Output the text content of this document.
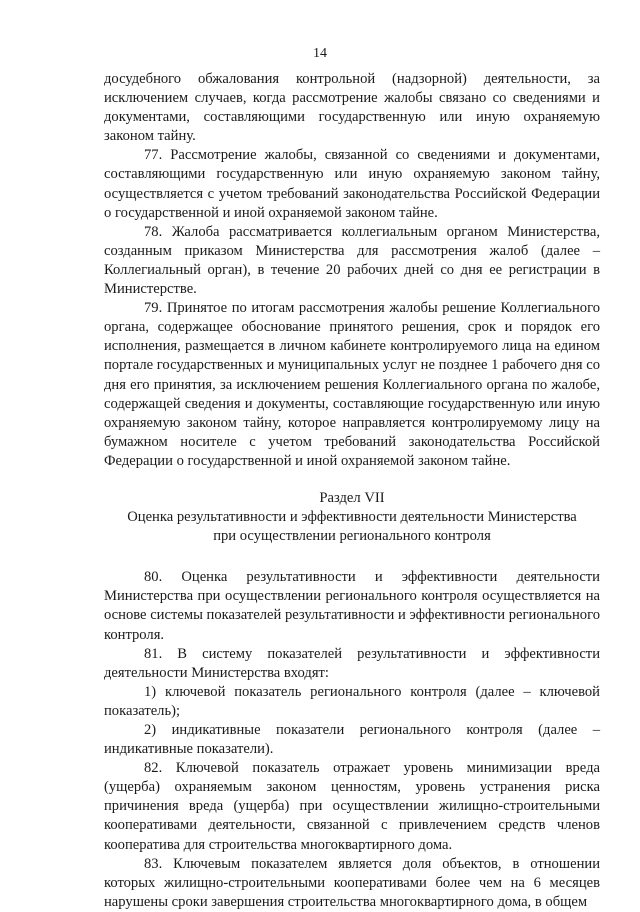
14

досудебного обжалования контрольной (надзорной) деятельности, за исключением случаев, когда рассмотрение жалобы связано со сведениями и документами, составляющими государственную или иную охраняемую законом тайну.

77. Рассмотрение жалобы, связанной со сведениями и документами, составляющими государственную или иную охраняемую законом тайну, осуществляется с учетом требований законодательства Российской Федерации о государственной и иной охраняемой законом тайне.

78. Жалоба рассматривается коллегиальным органом Министерства, созданным приказом Министерства для рассмотрения жалоб (далее – Коллегиальный орган), в течение 20 рабочих дней со дня ее регистрации в Министерстве.

79. Принятое по итогам рассмотрения жалобы решение Коллегиального органа, содержащее обоснование принятого решения, срок и порядок его исполнения, размещается в личном кабинете контролируемого лица на едином портале государственных и муниципальных услуг не позднее 1 рабочего дня со дня его принятия, за исключением решения Коллегиального органа по жалобе, содержащей сведения и документы, составляющие государственную или иную охраняемую законом тайну, которое направляется контролируемому лицу на бумажном носителе с учетом требований законодательства Российской Федерации о государственной и иной охраняемой законом тайне.

Раздел VII

Оценка результативности и эффективности деятельности Министерства

при осуществлении регионального контроля

80. Оценка результативности и эффективности деятельности Министерства при осуществлении регионального контроля осуществляется на основе системы показателей результативности и эффективности регионального контроля.

81. В систему показателей результативности и эффективности деятельности Министерства входят:

1) ключевой показатель регионального контроля (далее – ключевой показатель);

2) индикативные показатели регионального контроля (далее – индикативные показатели).

82. Ключевой показатель отражает уровень минимизации вреда (ущерба) охраняемым законом ценностям, уровень устранения риска причинения вреда (ущерба) при осуществлении жилищно-строительными кооперативами деятельности, связанной с привлечением средств членов кооператива для строительства многоквартирного дома.

83. Ключевым показателем является доля объектов, в отношении которых жилищно-строительными кооперативами более чем на 6 месяцев нарушены сроки завершения строительства многоквартирного дома, в общем
